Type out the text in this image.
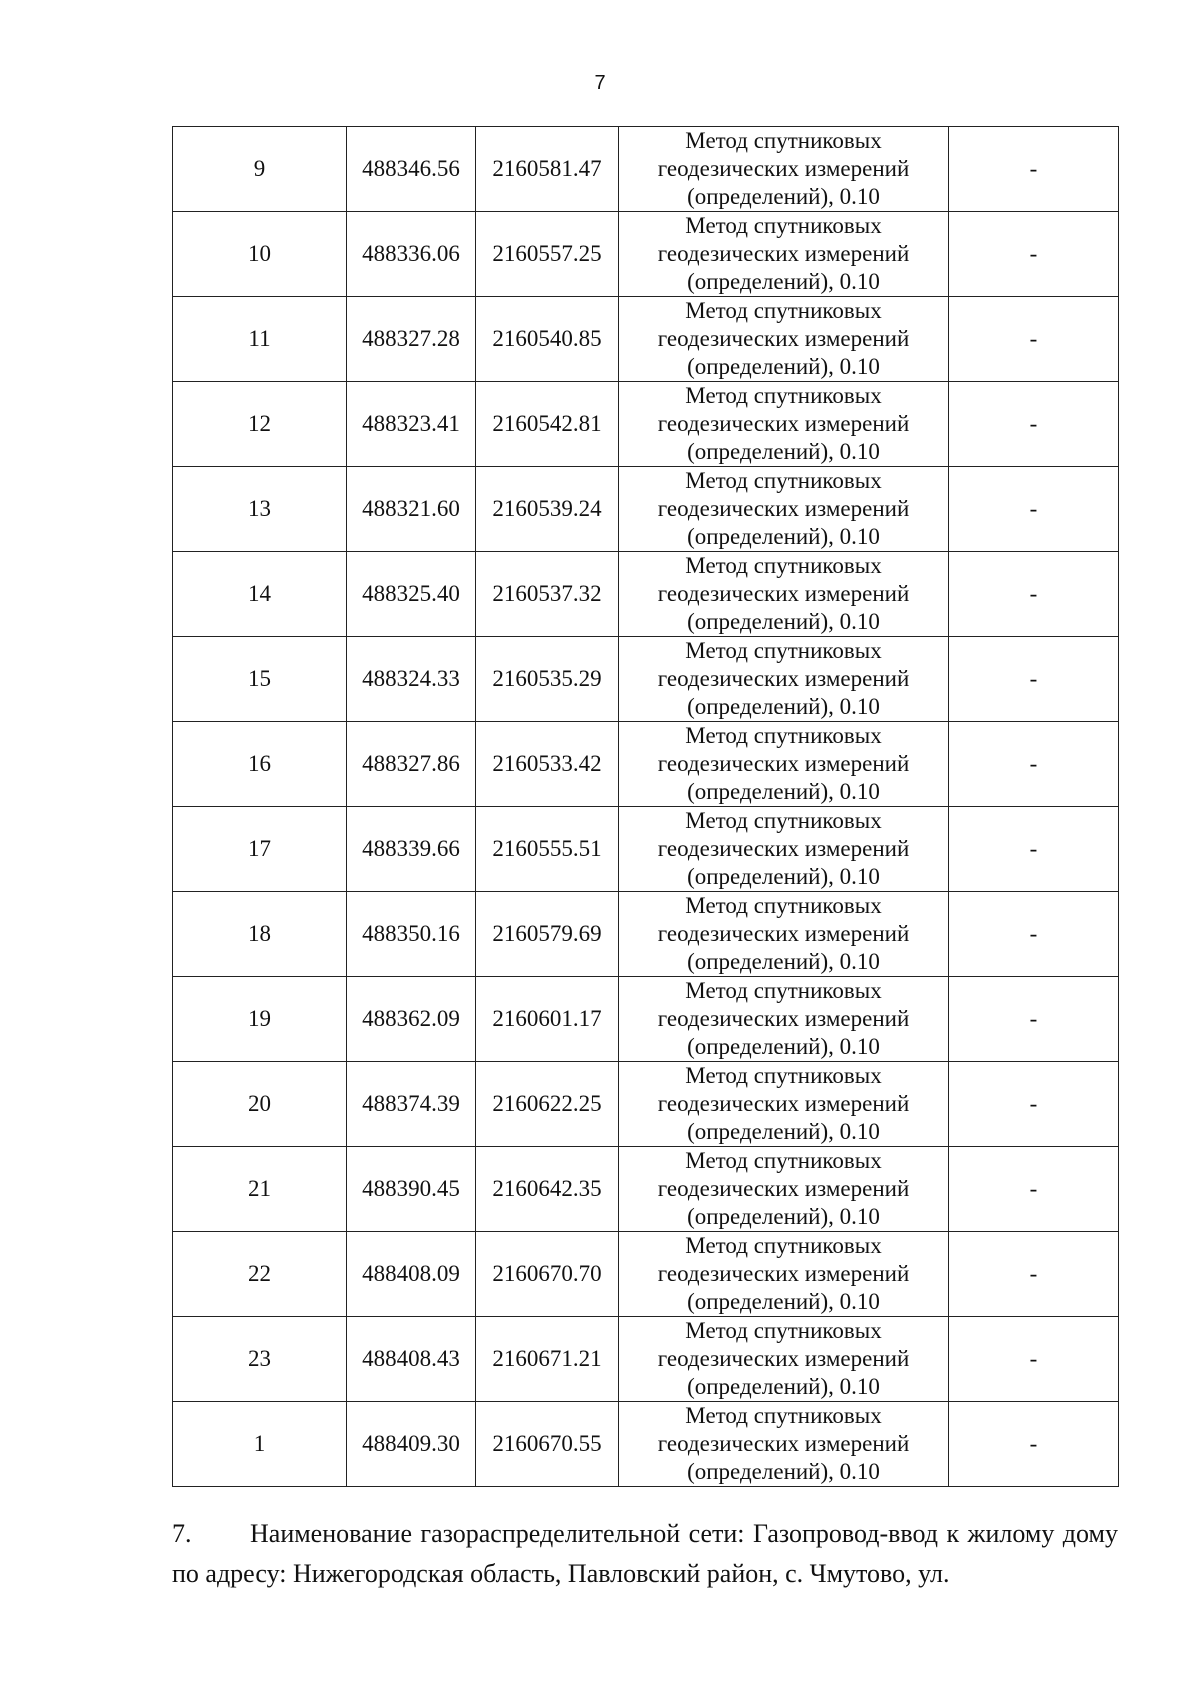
7
9	488346.56	2160581.47	Метод спутниковых
геодезических измерений
(определений), 0.10	-
10	488336.06	2160557.25	Метод спутниковых
геодезических измерений
(определений), 0.10	-
11	488327.28	2160540.85	Метод спутниковых
геодезических измерений
(определений), 0.10	-
12	488323.41	2160542.81	Метод спутниковых
геодезических измерений
(определений), 0.10	-
13	488321.60	2160539.24	Метод спутниковых
геодезических измерений
(определений), 0.10	-
14	488325.40	2160537.32	Метод спутниковых
геодезических измерений
(определений), 0.10	-
15	488324.33	2160535.29	Метод спутниковых
геодезических измерений
(определений), 0.10	-
16	488327.86	2160533.42	Метод спутниковых
геодезических измерений
(определений), 0.10	-
17	488339.66	2160555.51	Метод спутниковых
геодезических измерений
(определений), 0.10	-
18	488350.16	2160579.69	Метод спутниковых
геодезических измерений
(определений), 0.10	-
19	488362.09	2160601.17	Метод спутниковых
геодезических измерений
(определений), 0.10	-
20	488374.39	2160622.25	Метод спутниковых
геодезических измерений
(определений), 0.10	-
21	488390.45	2160642.35	Метод спутниковых
геодезических измерений
(определений), 0.10	-
22	488408.09	2160670.70	Метод спутниковых
геодезических измерений
(определений), 0.10	-
23	488408.43	2160671.21	Метод спутниковых
геодезических измерений
(определений), 0.10	-
1	488409.30	2160670.55	Метод спутниковых
геодезических измерений
(определений), 0.10	-
7. Наименование газораспределительной сети: Газопровод-ввод к жилому дому по адресу: Нижегородская область, Павловский район, с. Чмутово, ул.
